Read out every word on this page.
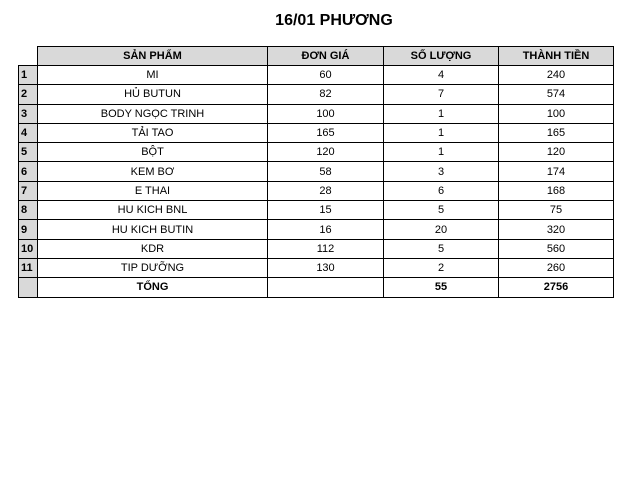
16/01 PHƯƠNG
	SẢN PHẨM	ĐƠN GIÁ	SỐ LƯỢNG	THÀNH TIỀN
1	MI	60	4	240
2	HỦ BUTUN	82	7	574
3	BODY NGỌC TRINH	100	1	100
4	TẢI TAO	165	1	165
5	BỘT	120	1	120
6	KEM BƠ	58	3	174
7	E THAI	28	6	168
8	HU KICH BNL	15	5	75
9	HU KICH BUTIN	16	20	320
10	KDR	112	5	560
11	TIP DƯỠNG	130	2	260
	TỔNG		55	2756
